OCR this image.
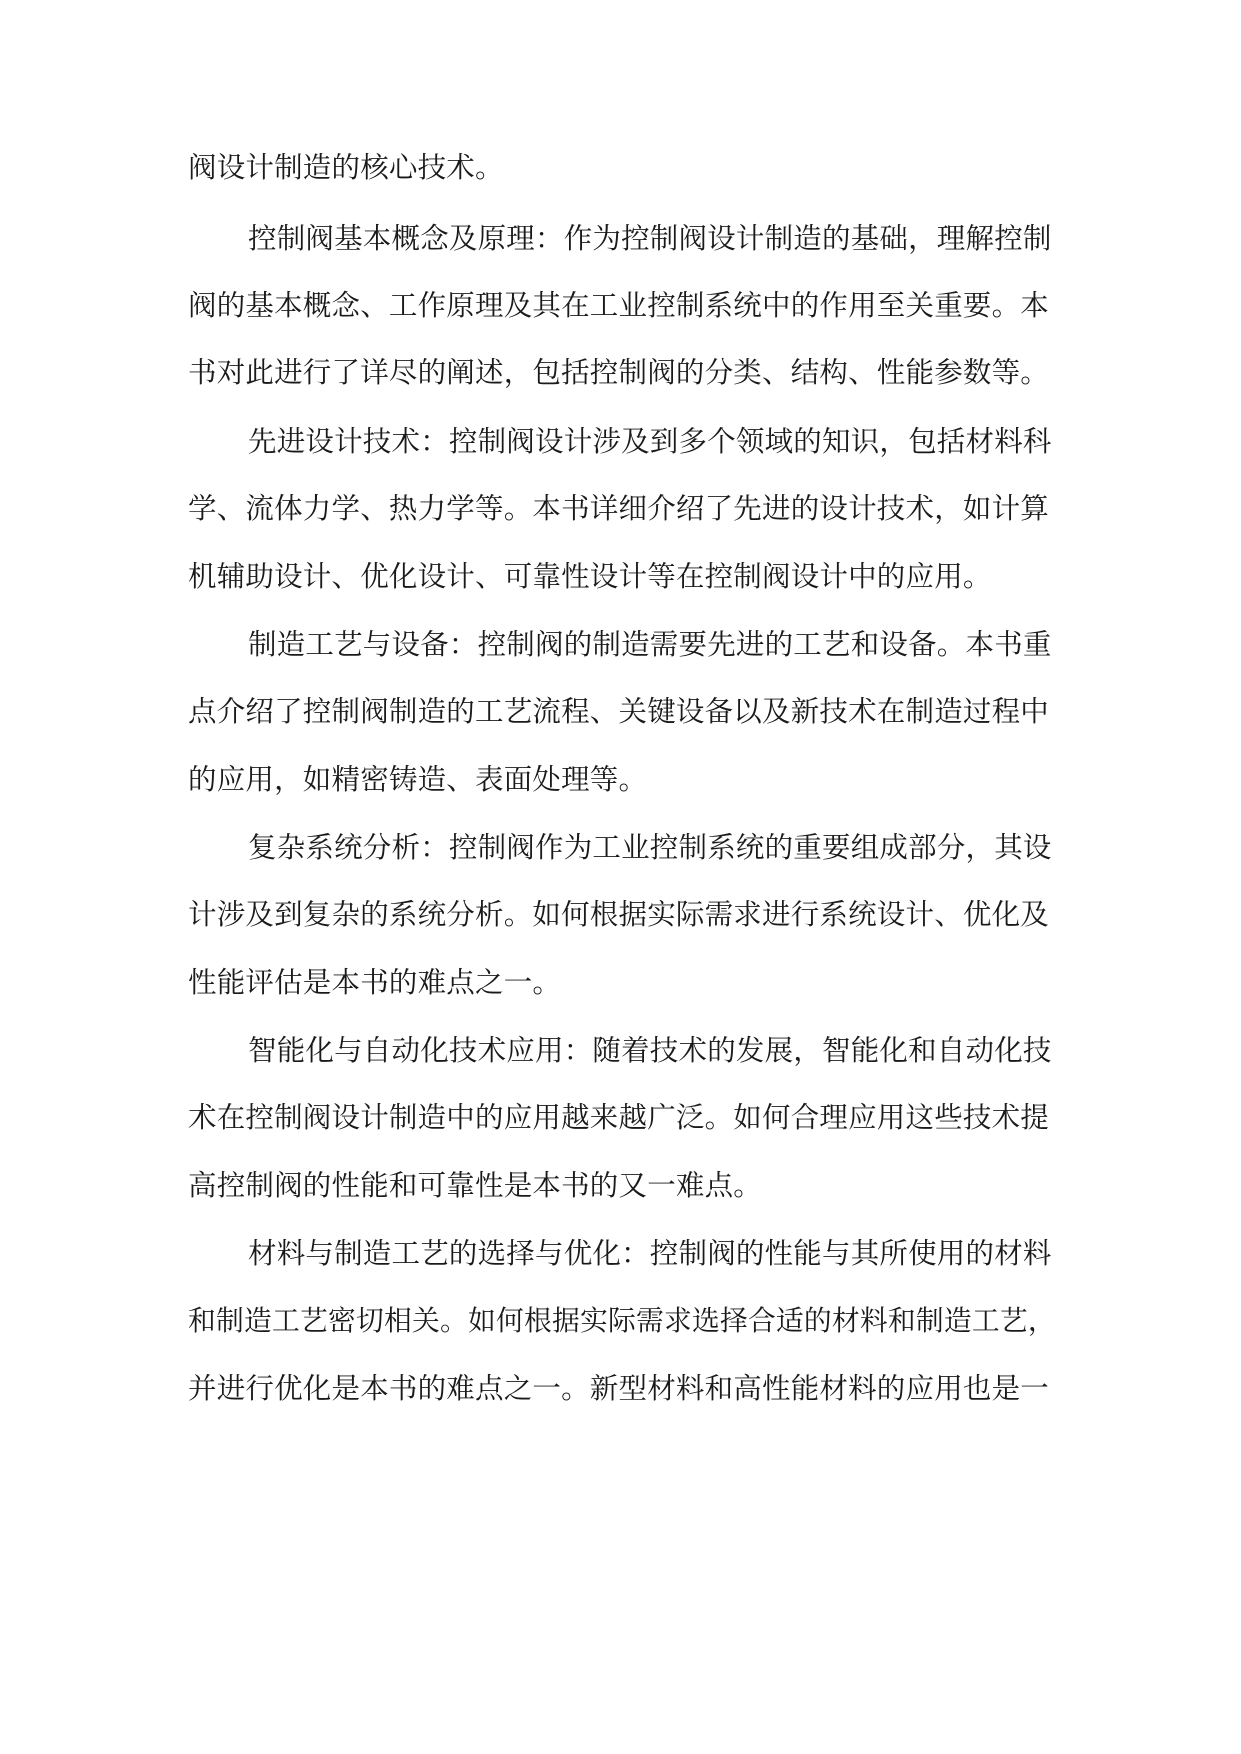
阀设计制造的核心技术。
控制阀基本概念及原理：作为控制阀设计制造的基础，理解控制
阀的基本概念、工作原理及其在工业控制系统中的作用至关重要。本
书对此进行了详尽的阐述，包括控制阀的分类、结构、性能参数等。
先进设计技术：控制阀设计涉及到多个领域的知识，包括材料科
学、流体力学、热力学等。本书详细介绍了先进的设计技术，如计算
机辅助设计、优化设计、可靠性设计等在控制阀设计中的应用。
制造工艺与设备：控制阀的制造需要先进的工艺和设备。本书重
点介绍了控制阀制造的工艺流程、关键设备以及新技术在制造过程中
的应用，如精密铸造、表面处理等。
复杂系统分析：控制阀作为工业控制系统的重要组成部分，其设
计涉及到复杂的系统分析。如何根据实际需求进行系统设计、优化及
性能评估是本书的难点之一。
智能化与自动化技术应用：随着技术的发展，智能化和自动化技
术在控制阀设计制造中的应用越来越广泛。如何合理应用这些技术提
高控制阀的性能和可靠性是本书的又一难点。
材料与制造工艺的选择与优化：控制阀的性能与其所使用的材料
和制造工艺密切相关。如何根据实际需求选择合适的材料和制造工艺，
并进行优化是本书的难点之一。新型材料和高性能材料的应用也是一
